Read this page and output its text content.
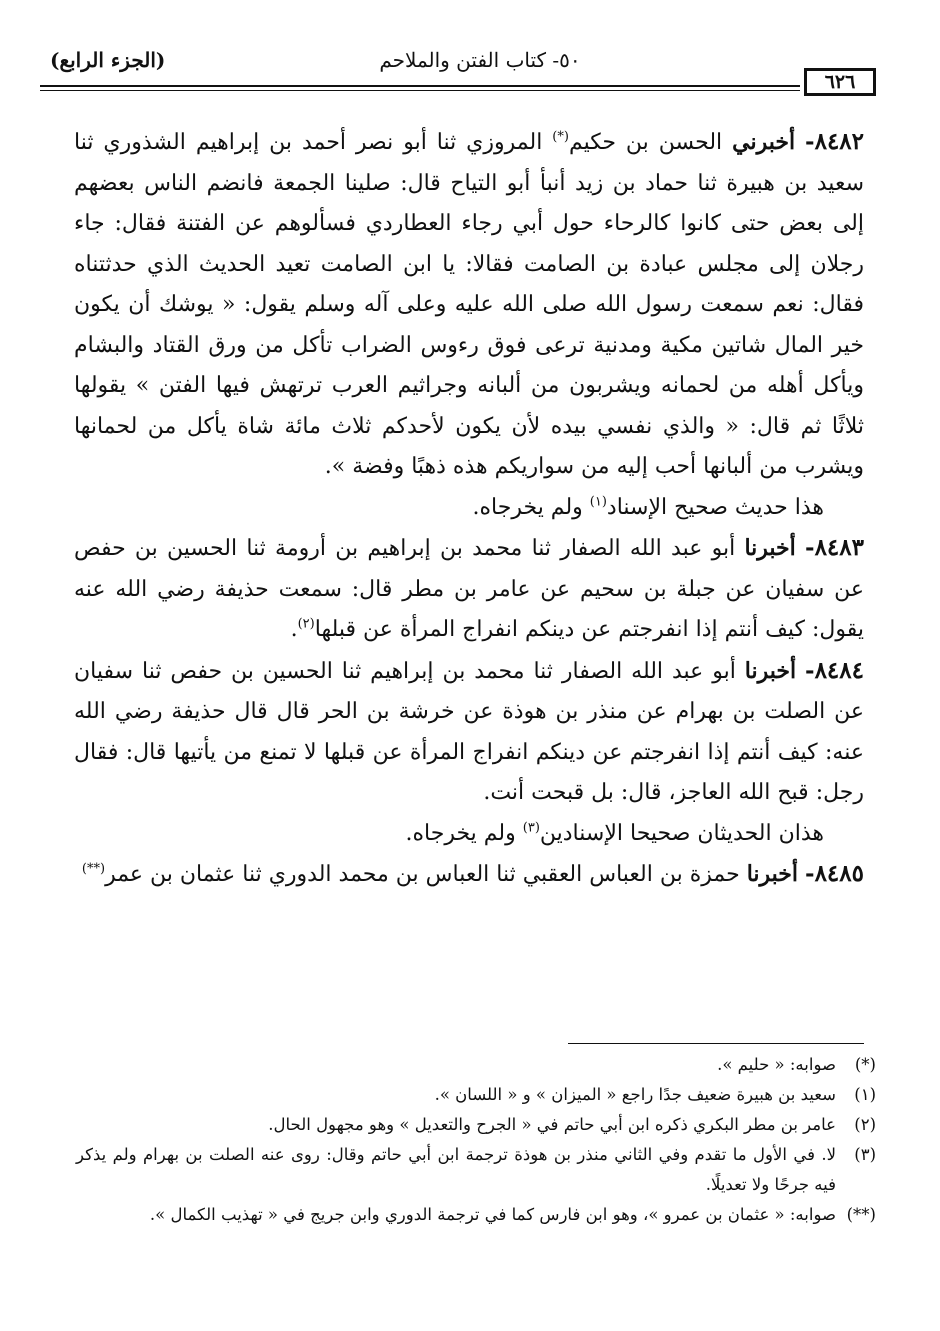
٦٢٦
٥٠- كتاب الفتن والملاحم
(الجزء الرابع)

٨٤٨٢- أخبرني الحسن بن حكيم(*) المروزي ثنا أبو نصر أحمد بن إبراهيم الشذوري ثنا سعيد بن هبيرة ثنا حماد بن زيد أنبأ أبو التياح قال: صلينا الجمعة فانضم الناس بعضهم إلى بعض حتى كانوا كالرحاء حول أبي رجاء العطاردي فسألوهم عن الفتنة فقال: جاء رجلان إلى مجلس عبادة بن الصامت فقالا: يا ابن الصامت تعيد الحديث الذي حدثتناه فقال: نعم سمعت رسول الله صلى الله عليه وعلى آله وسلم يقول: « يوشك أن يكون خير المال شاتين مكية ومدنية ترعى فوق رءوس الضراب تأكل من ورق القتاد والبشام ويأكل أهله من لحمانه ويشربون من ألبانه وجراثيم العرب ترتهش فيها الفتن » يقولها ثلاثًا ثم قال: « والذي نفسي بيده لأن يكون لأحدكم ثلاث مائة شاة يأكل من لحمانها ويشرب من ألبانها أحب إليه من سواريكم هذه ذهبًا وفضة ».

هذا حديث صحيح الإسناد$^{(١)}$ ولم يخرجاه.

٨٤٨٣- أخبرنا أبو عبد الله الصفار ثنا محمد بن إبراهيم بن أرومة ثنا الحسين بن حفص عن سفيان عن جبلة بن سحيم عن عامر بن مطر قال: سمعت حذيفة رضي الله عنه يقول: كيف أنتم إذا انفرجتم عن دينكم انفراج المرأة عن قبلها$^{(٢)}$.

٨٤٨٤- أخبرنا أبو عبد الله الصفار ثنا محمد بن إبراهيم ثنا الحسين بن حفص ثنا سفيان عن الصلت بن بهرام عن منذر بن هوذة عن خرشة بن الحر قال قال حذيفة رضي الله عنه: كيف أنتم إذا انفرجتم عن دينكم انفراج المرأة عن قبلها لا تمنع من يأتيها قال: فقال رجل: قبح الله العاجز، قال: بل قبحت أنت.

هذان الحديثان صحيحا الإسنادين$^{(٣)}$ ولم يخرجاه.

٨٤٨٥- أخبرنا حمزة بن العباس العقبي ثنا العباس بن محمد الدوري ثنا عثمان بن عمر(**)

(*)
صوابه: « حليم ».

(١)
سعيد بن هبيرة ضعيف جدًا راجع « الميزان » و « اللسان ».

(٢)
عامر بن مطر البكري ذكره ابن أبي حاتم في « الجرح والتعديل » وهو مجهول الحال.

(٣)
لا. في الأول ما تقدم وفي الثاني منذر بن هوذة ترجمة ابن أبي حاتم وقال: روى عنه الصلت بن بهرام ولم يذكر فيه جرحًا ولا تعديلًا.

(**)
صوابه: « عثمان بن عمرو »، وهو ابن فارس كما في ترجمة الدوري وابن جريج في « تهذيب الكمال ».
